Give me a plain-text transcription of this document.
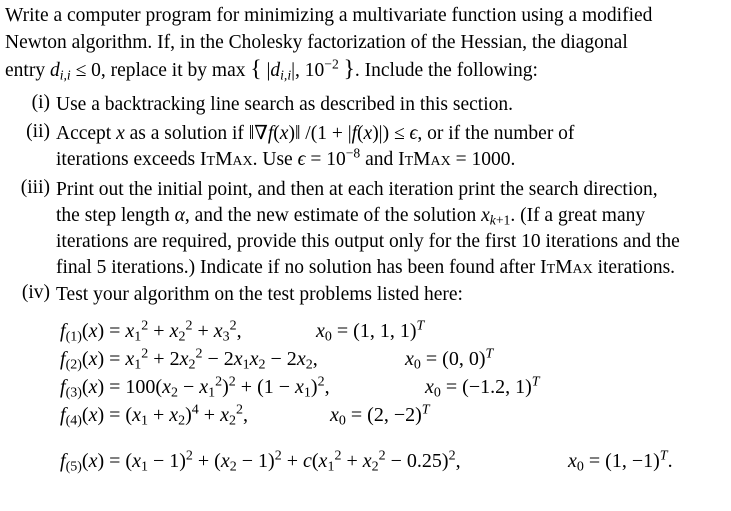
Write a computer program for minimizing a multivariate function using a modified
Newton algorithm. If, in the Cholesky factorization of the Hessian, the diagonal
entry $d_{i,i} \le 0$, replace it by max { $|d_{i,i}|$, $10^{-2}$ }. Include the following:
(i) Use a backtracking line search as described in this section.

(ii) Accept x as a solution if ‖∇f(x)‖ /(1 + |f(x)|) ≤ ϵ, or if the number of

iterations exceeds ItMax. Use $\epsilon = 10^{-8}$ and ItMax = 1000.

(iii) Print out the initial point, and then at each iteration print the search direction,

the step length α, and the new estimate of the solution $x_{k+1}$. (If a great many

iterations are required, provide this output only for the first 10 iterations and the

final 5 iterations.) Indicate if no solution has been found after ItMax iterations.

(iv) Test your algorithm on the test problems listed here:

$f_{(1)}(x) = x_1^2 + x_2^2 + x_3^2$,	$x_0 = (1$, 1, 1)$^T$
$f_{(2)}(x) = x_1^2 + 2x_2^2 - 2x_1x_2 - 2x_2$,	$x_0 = (0$, 0)$^T$
$f_{(3)}(x) = 100(x_2 - x_1^2)^2 + (1 - x_1)^2$,	$x_0 = (-1.2$, 1)$^T$
$f_{(4)}(x) = (x_1 + x_2)^4 + x_2^2$,	$x_0 = (2$, −2)$^T$
$f_{(5)}(x) = (x_1 - 1)^2 + (x_2 - 1)^2 + c(x_1^2 + x_2^2 - 0.25)^2$,	$x_0 = (1$, −1)$^T$.
